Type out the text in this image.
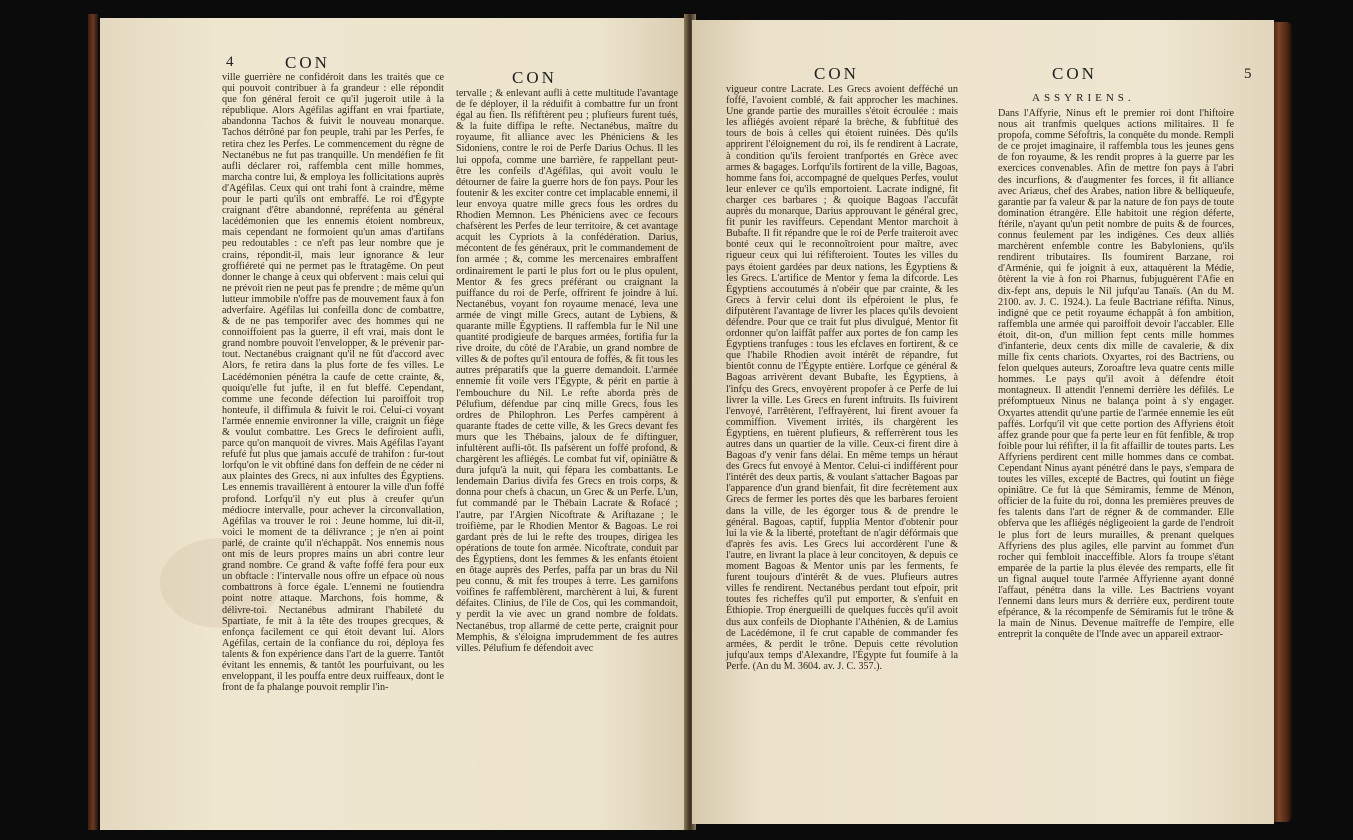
4	CON
CON
ville guerrière ne confidéroit dans les traités que ce qui pouvoit contribuer à fa grandeur : elle répondit que fon général feroit ce qu'il jugeroit utile à la république. Alors Agéfilas agiffant en vrai fpartiate, abandonna Tachos & fuivit le nouveau monarque. Tachos détrôné par fon peuple, trahi par les Perfes, fe retira chez les Perfes. Le commencement du règne de Nectanébus ne fut pas tranquille. Un mendéfien fe fit aufli déclarer roi, raffembla cent mille hommes, marcha contre lui, & employa les follicitations auprès d'Agéfilas. Ceux qui ont trahi font à craindre, même pour le parti qu'ils ont embraffé. Le roi d'Égypte craignant d'être abandonné, repréfenta au général lacédémonien que les ennemis étoient nombreux, mais cependant ne formoient qu'un amas d'artifans peu redoutables : ce n'eft pas leur nombre que je crains, répondit-il, mais leur ignorance & leur groffiéreté qui ne permet pas le ftratagême. On peut donner le change à ceux qui obfervent : mais celui qui ne prévoit rien ne peut pas fe prendre ; de même qu'un lutteur immobile n'offre pas de mouvement faux à fon adverfaire. Agéfilas lui confeilla donc de combattre, & de ne pas temporifer avec des hommes qui ne connoiffoient pas la guerre, il eft vrai, mais dont le grand nombre pouvoit l'envelopper, & le prévenir par-tout. Nectanébus craignant qu'il ne fût d'accord avec Alors, fe retira dans la plus forte de fes villes. Le Lacédémonien pénétra la caufe de cette crainte, &, quoiqu'elle fut jufte, il en fut bleffé. Cependant, comme une feconde défection lui paroiffoit trop honteufe, il diffimula & fuivit le roi. Celui-ci voyant l'armée ennemie environner la ville, craignit un fiège & voulut combattre. Les Grecs le defiroient aufli, parce qu'on manquoit de vivres. Mais Agéfilas l'ayant refufé fut plus que jamais accufé de trahifon : fur-tout lorfqu'on le vit obftiné dans fon deffein de ne céder ni aux plaintes des Grecs, ni aux infultes des Égyptiens. Les ennemis travaillèrent à entourer la ville d'un foffé profond. Lorfqu'il n'y eut plus à creufer qu'un médiocre intervalle, pour achever la circonvallation, Agéfilas va trouver le roi : Jeune homme, lui dit-il, voici le moment de ta délivrance ; je n'en ai point parlé, de crainte qu'il n'échappât. Nos ennemis nous ont mis de leurs propres mains un abri contre leur grand nombre. Ce grand & vafte foffé fera pour eux un obftacle : l'intervalle nous offre un efpace où nous combattrons à force égale. L'ennemi ne foutiendra point notre attaque. Marchons, fois homme, & délivre-toi. Nectanébus admirant l'habileté du Spartiate, fe mit à la tête des troupes grecques, & enfonça facilement ce qui étoit devant lui. Alors Agéfilas, certain de la confiance du roi, déploya fes talents & fon expérience dans l'art de la guerre. Tantôt évitant les ennemis, & tantôt les pourfuivant, ou les enveloppant, il les pouffa entre deux ruiffeaux, dont le front de fa phalange pouvoit remplir l'in-
tervalle ; & enlevant aufli à cette multitude l'avantage de fe déployer, il la réduifit à combattre fur un front égal au fien. Ils réfiftèrent peu ; plufieurs furent tués, & la fuite diffipa le refte. Nectanébus, maître du royaume, fit alliance avec les Phéniciens & les Sidoniens, contre le roi de Perfe Darius Ochus. Il les lui oppofa, comme une barrière, fe rappellant peut-être les confeils d'Agéfilas, qui avoit voulu le détourner de faire la guerre hors de fon pays. Pour les foutenir & les exciter contre cet implacable ennemi, il leur envoya quatre mille grecs fous les ordres du Rhodien Memnon. Les Phéniciens avec ce fecours chafsèrent les Perfes de leur territoire, & cet avantage acquit les Cypriots à la confédération. Darius, mécontent de fes généraux, prit le commandement de fon armée ; &, comme les mercenaires embraffent ordinairement le parti le plus fort ou le plus opulent, Mentor & fes grecs préférant ou craignant la puiffance du roi de Perfe, offrirent fe joindre à lui. Nectanébus, voyant fon royaume menacé, leva une armée de vingt mille Grecs, autant de Lybiens, & quarante mille Égyptiens. Il raffembla fur le Nil une quantité prodigieufe de barques armées, fortifia fur la rive droite, du côté de l'Arabie, un grand nombre de villes & de poftes qu'il entoura de foffés, & fit tous les autres préparatifs que la guerre demandoit. L'armée ennemie fit voile vers l'Égypte, & périt en partie à l'embouchure du Nil. Le refte aborda près de Pélufium, défendue par cinq mille Grecs, fous les ordres de Philophron. Les Perfes campèrent à quarante ftades de cette ville, & les Grecs devant fes murs que les Thébains, jaloux de fe diftinguer, infultèrent aufli-tôt. Ils pafsèrent un foffé profond, & chargèrent les afliégés. Le combat fut vif, opiniâtre & dura jufqu'à la nuit, qui fépara les combattants. Le lendemain Darius divifa fes Grecs en trois corps, & donna pour chefs à chacun, un Grec & un Perfe. L'un, fut commandé par le Thébain Lacrate & Rofacé ; l'autre, par l'Argien Nicoftrate & Ariftazane ; le troifième, par le Rhodien Mentor & Bagoas. Le roi gardant près de lui le refte des troupes, dirigea les opérations de toute fon armée. Nicoftrate, conduit par des Égyptiens, dont les femmes & les enfants étoient en ôtage auprès des Perfes, paffa par un bras du Nil peu connu, & mit fes troupes à terre. Les garnifons voifines fe raffemblèrent, marchèrent à lui, & furent défaites. Clinius, de l'ile de Cos, qui les commandoit, y perdit la vie avec un grand nombre de foldats. Nectanébus, trop allarmé de cette perte, craignit pour Memphis, & s'éloigna imprudemment de fes autres villes. Pélufium fe défendoit avec
CON	CON	5
ASSYRIENS.
vigueur contre Lacrate. Les Grecs avoient defféché un foffé, l'avoient comblé, & fait approcher les machines. Une grande partie des murailles s'étoit écroulée : mais les afliégés avoient réparé la brèche, & fubftitué des tours de bois à celles qui étoient ruinées. Dès qu'ils apprirent l'éloignement du roi, ils fe rendirent à Lacrate, à condition qu'ils feroient tranfportés en Grèce avec armes & bagages. Lorfqu'ils fortirent de la ville, Bagoas, homme fans foi, accompagné de quelques Perfes, voulut leur enlever ce qu'ils emportoient. Lacrate indigné, fit charger ces barbares ; & quoique Bagoas l'accufât auprès du monarque, Darius approuvant le général grec, fit punir les raviffeurs. Cependant Mentor marchoit à Bubafte. Il fit répandre que le roi de Perfe traiteroit avec bonté ceux qui le reconnoîtroient pour maître, avec rigueur ceux qui lui réfifteroient. Toutes les villes du pays étoient gardées par deux nations, les Égyptiens & les Grecs. L'artifice de Mentor y fema la difcorde. Les Égyptiens accoutumés à n'obéir que par crainte, & les Grecs à fervir celui dont ils efpéroient le plus, fe difputèrent l'avantage de livrer les places qu'ils devoient défendre. Pour que ce trait fut plus divulgué, Mentor fit ordonner qu'on laiffât paffer aux portes de fon camp les Égyptiens tranfuges : tous les efclaves en fortirent, & ce que l'habile Rhodien avoit intérêt de répandre, fut bientôt connu de l'Égypte entière. Lorfque ce général & Bagoas arrivèrent devant Bubafte, les Égyptiens, à l'infçu des Grecs, envoyèrent propofer à ce Perfe de lui livrer la ville. Les Grecs en furent inftruits. Ils fuivirent l'envoyé, l'arrêtèrent, l'effrayèrent, lui firent avouer fa commiffion. Vivement irrités, ils chargèrent les Égyptiens, en tuèrent plufieurs, & refferrèrent tous les autres dans un quartier de la ville. Ceux-ci firent dire à Bagoas d'y venir fans délai. En même temps un héraut des Grecs fut envoyé à Mentor. Celui-ci indifférent pour l'intérêt des deux partis, & voulant s'attacher Bagoas par l'apparence d'un grand bienfait, fit dire fecrètement aux Grecs de fermer les portes dès que les barbares feroient dans la ville, de les égorger tous & de prendre le général. Bagoas, captif, fupplia Mentor d'obtenir pour lui la vie & la liberté, proteftant de n'agir défórmais que d'après fes avis. Les Grecs lui accordèrent l'une & l'autre, en livrant la place à leur concitoyen, & depuis ce moment Bagoas & Mentor unis par les ferments, fe furent toujours d'intérêt & de vues. Plufieurs autres villes fe rendirent. Nectanébus perdant tout efpoir, prit toutes fes richeffes qu'il put emporter, & s'enfuit en Éthiopie. Trop énergueilli de quelques fuccès qu'il avoit dus aux confeils de Diophante l'Athénien, & de Lamius de Lacédémone, il fe crut capable de commander fes armées, & perdit le trône. Depuis cette révolution jufqu'aux temps d'Alexandre, l'Égypte fut foumife à la Perfe. (An du M. 3604. av. J. C. 357.).
Dans l'Affyrie, Ninus eft le premier roi dont l'hiftoire nous ait tranfmis quelques actions militaires. Il fe propofa, comme Séfoftris, la conquête du monde. Rempli de ce projet imaginaire, il raffembla tous les jeunes gens de fon royaume, & les rendit propres à la guerre par les exercices convenables. Afin de mettre fon pays à l'abri des incurfions, & d'augmenter fes forces, il fit alliance avec Ariæus, chef des Arabes, nation libre & belliqueufe, garantie par fa valeur & par la nature de fon pays de toute domination étrangère. Elle habitoit une région déferte, ftérile, n'ayant qu'un petit nombre de puits & de fources, connus feulement par les indigènes. Ces deux alliés marchèrent enfemble contre les Babyloniens, qu'ils rendirent tributaires. Ils foumirent Barzane, roi d'Arménie, qui fe joignit à eux, attaquèrent la Médie, ôtèrent la vie à fon roi Pharnus, fubjuguèrent l'Afie en dix-fept ans, depuis le Nil jufqu'au Tanaïs. (An du M. 2100. av. J. C. 1924.). La feule Bactriane réfifta. Ninus, indigné que ce petit royaume échappât à fon ambition, raffembla une armée qui paroiffoit devoir l'accabler. Elle étoit, dit-on, d'un million fept cents mille hommes d'infanterie, deux cents dix mille de cavalerie, & dix mille fix cents chariots. Oxyartes, roi des Bactriens, ou felon quelques auteurs, Zoroaftre leva quatre cents mille hommes. Le pays qu'il avoit à défendre étoit montagneux. Il attendit l'ennemi derrière les défilés. Le préfomptueux Ninus ne balança point à s'y engager. Oxyartes attendit qu'une partie de l'armée ennemie les eût paffés. Lorfqu'il vit que cette portion des Affyriens étoit affez grande pour que fa perte leur en fût fenfible, & trop foible pour lui réfifter, il la fit affaillir de toutes parts. Les Affyriens perdirent cent mille hommes dans ce combat. Cependant Ninus ayant pénétré dans le pays, s'empara de toutes les villes, excepté de Bactres, qui foutint un fiège opiniâtre. Ce fut là que Sémiramis, femme de Ménon, officier de la fuite du roi, donna les premières preuves de fes talents dans l'art de régner & de commander. Elle obferva que les afliégés négligeoient la garde de l'endroit le plus fort de leurs murailles, & prenant quelques Affyriens des plus agiles, elle parvint au fommet d'un rocher qui fembloit inacceffible. Alors fa troupe s'étant emparée de la partie la plus élevée des remparts, elle fit un fignal auquel toute l'armée Affyrienne ayant donné l'affaut, pénétra dans la ville. Les Bactriens voyant l'ennemi dans leurs murs & derrière eux, perdirent toute efpérance, & la récompenfe de Sémiramis fut le trône & la main de Ninus. Devenue maîtreffe de l'empire, elle entreprit la conquête de l'Inde avec un appareil extraor-
